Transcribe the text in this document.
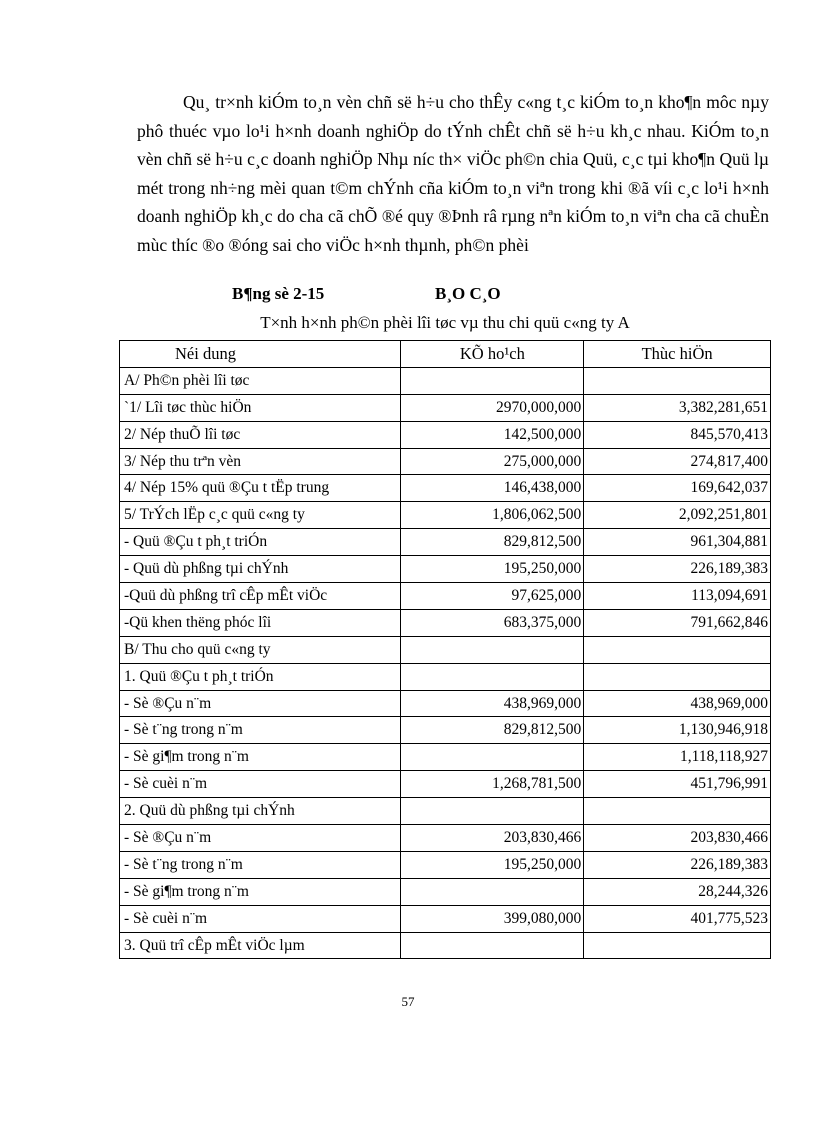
Qu¸ tr×nh kiÓm to¸n vèn chñ së h÷u cho thÊy c«ng t¸c kiÓm to¸n kho¶n môc nµy phô thuéc vµo lo¹i h×nh doanh nghiÖp do tÝnh chÊt chñ së h÷u kh¸c nhau. KiÓm to¸n vèn chñ së h÷u c¸c doanh nghiÖp Nhµ níc th× viÖc ph©n chia Quü, c¸c tµi kho¶n Quü lµ mét trong nh÷ng mèi quan t©m chÝnh cña kiÓm to¸n viªn trong khi ®ã víi c¸c lo¹i h×nh doanh nghiÖp kh¸c do cha cã chÕ ®é quy ®Þnh râ rµng nªn kiÓm to¸n viªn cha cã chuÈn mùc thíc ®o ®óng sai cho viÖc h×nh thµnh, ph©n phèi

B¶ng sè 2-15	B¸O C¸O
T×nh h×nh ph©n phèi lîi tøc vµ thu chi quü c«ng ty A
Néi dung	KÕ ho¹ch	Thùc hiÖn
A/ Ph©n phèi lîi tøc		
`1/ Lîi tøc thùc hiÖn	2970,000,000	3,382,281,651
2/ Nép thuÕ lîi tøc	142,500,000	845,570,413
3/ Nép thu trªn vèn	275,000,000	274,817,400
4/ Nép 15% quü ®Çu t tËp trung	146,438,000	169,642,037
5/ TrÝch lËp c¸c quü c«ng ty	1,806,062,500	2,092,251,801
- Quü ®Çu t ph¸t triÓn	829,812,500	961,304,881
- Quü dù phßng tµi chÝnh	195,250,000	226,189,383
-Quü dù phßng trî cÊp mÊt viÖc	97,625,000	113,094,691
-Qü khen thëng phóc lîi	683,375,000	791,662,846
B/ Thu cho quü c«ng ty		
1. Quü ®Çu t ph¸t triÓn		
- Sè ®Çu n¨m	438,969,000	438,969,000
- Sè t¨ng trong n¨m	829,812,500	1,130,946,918
- Sè gi¶m trong n¨m		1,118,118,927
- Sè cuèi n¨m	1,268,781,500	451,796,991
2. Quü dù phßng tµi chÝnh		
- Sè ®Çu n¨m	203,830,466	203,830,466
- Sè t¨ng trong n¨m	195,250,000	226,189,383
- Sè gi¶m trong n¨m		28,244,326
- Sè cuèi n¨m	399,080,000	401,775,523
3. Quü trî cÊp mÊt viÖc lµm		
57
